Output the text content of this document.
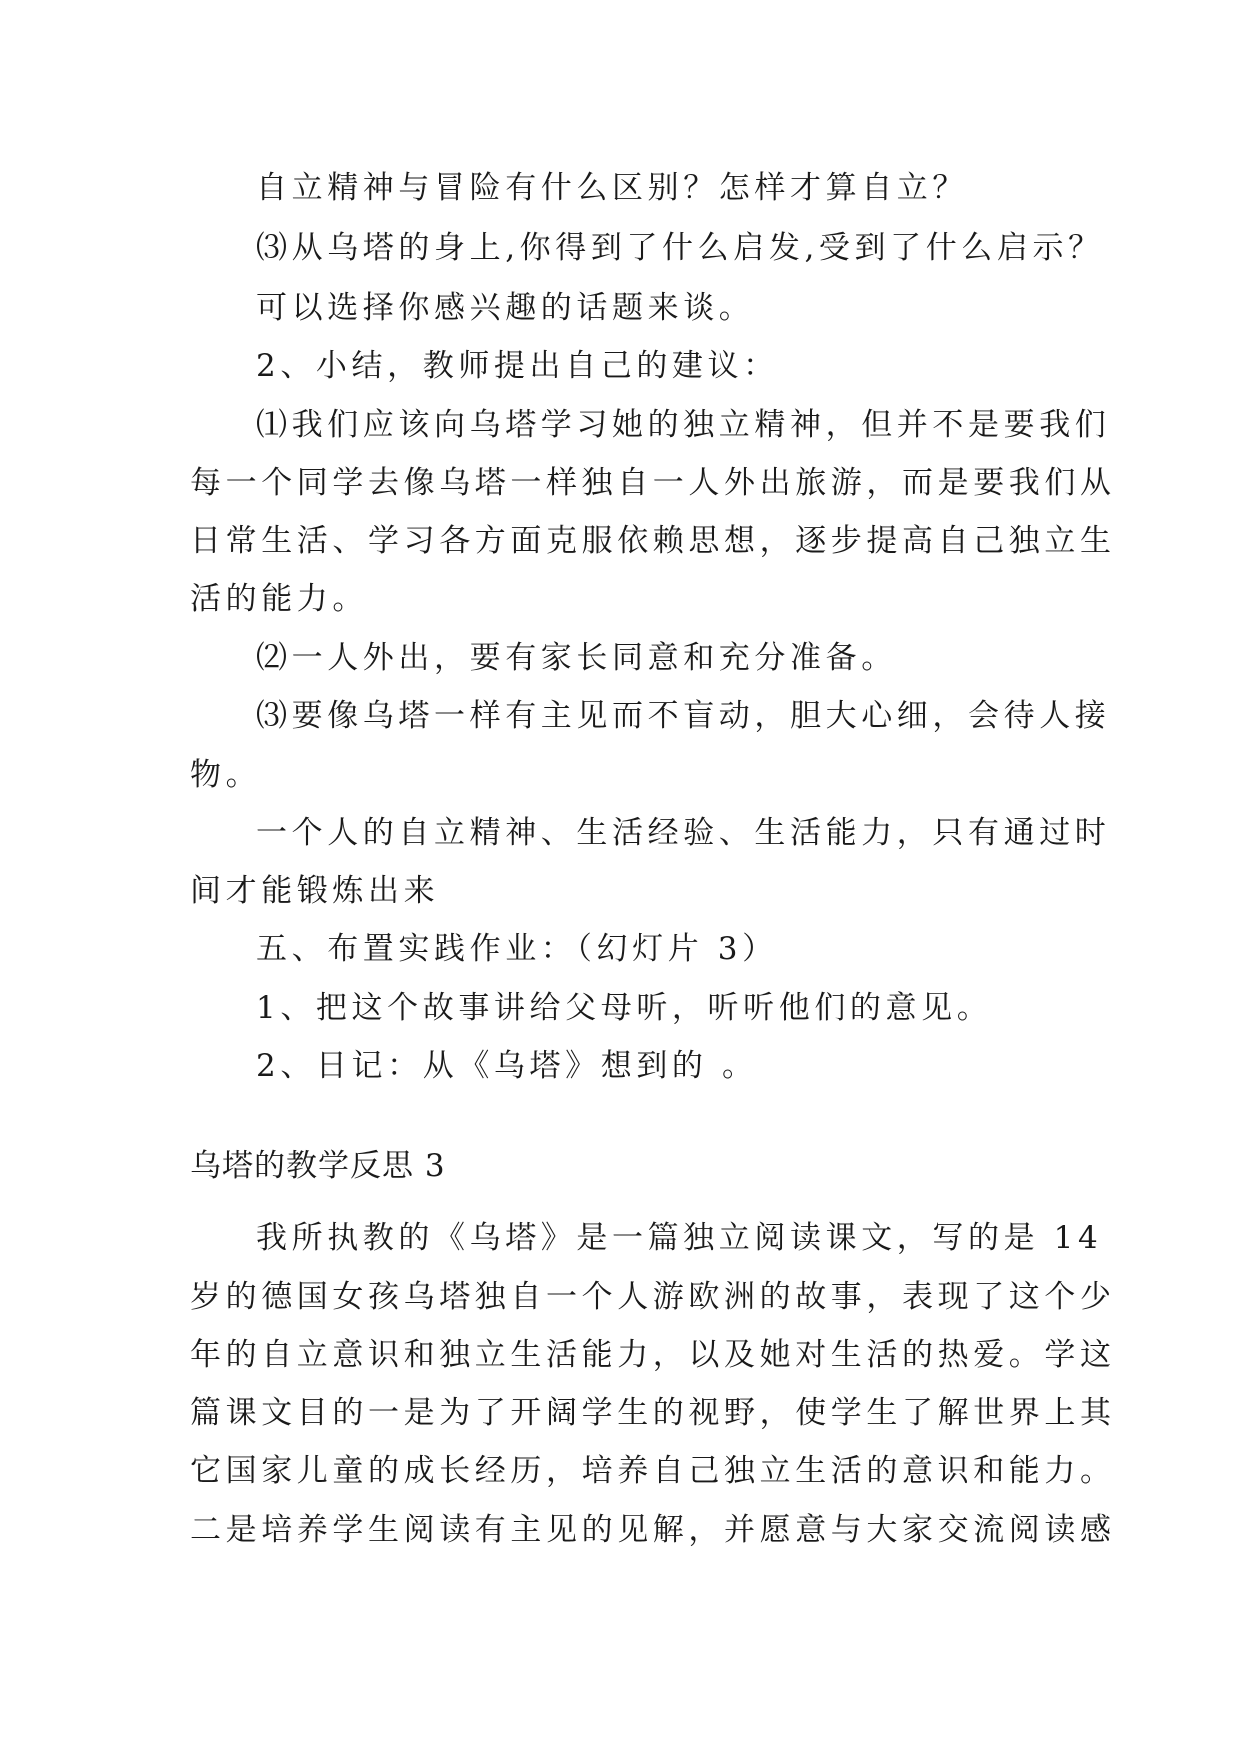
自立精神与冒险有什么区别？怎样才算自立？
⑶从乌塔的身上,你得到了什么启发,受到了什么启示？
可以选择你感兴趣的话题来谈。
2、小结，教师提出自己的建议：
⑴我们应该向乌塔学习她的独立精神，但并不是要我们
每一个同学去像乌塔一样独自一人外出旅游，而是要我们从
日常生活、学习各方面克服依赖思想，逐步提高自己独立生
活的能力。
⑵一人外出，要有家长同意和充分准备。
⑶要像乌塔一样有主见而不盲动，胆大心细，会待人接
物。
一个人的自立精神、生活经验、生活能力，只有通过时
间才能锻炼出来
五、布置实践作业：（幻灯片 3）
1、把这个故事讲给父母听，听听他们的意见。
2、日记：从《乌塔》想到的 。
乌塔的教学反思 3
我所执教的《乌塔》是一篇独立阅读课文，写的是 14
岁的德国女孩乌塔独自一个人游欧洲的故事，表现了这个少
年的自立意识和独立生活能力，以及她对生活的热爱。学这
篇课文目的一是为了开阔学生的视野，使学生了解世界上其
它国家儿童的成长经历，培养自己独立生活的意识和能力。
二是培养学生阅读有主见的见解，并愿意与大家交流阅读感
